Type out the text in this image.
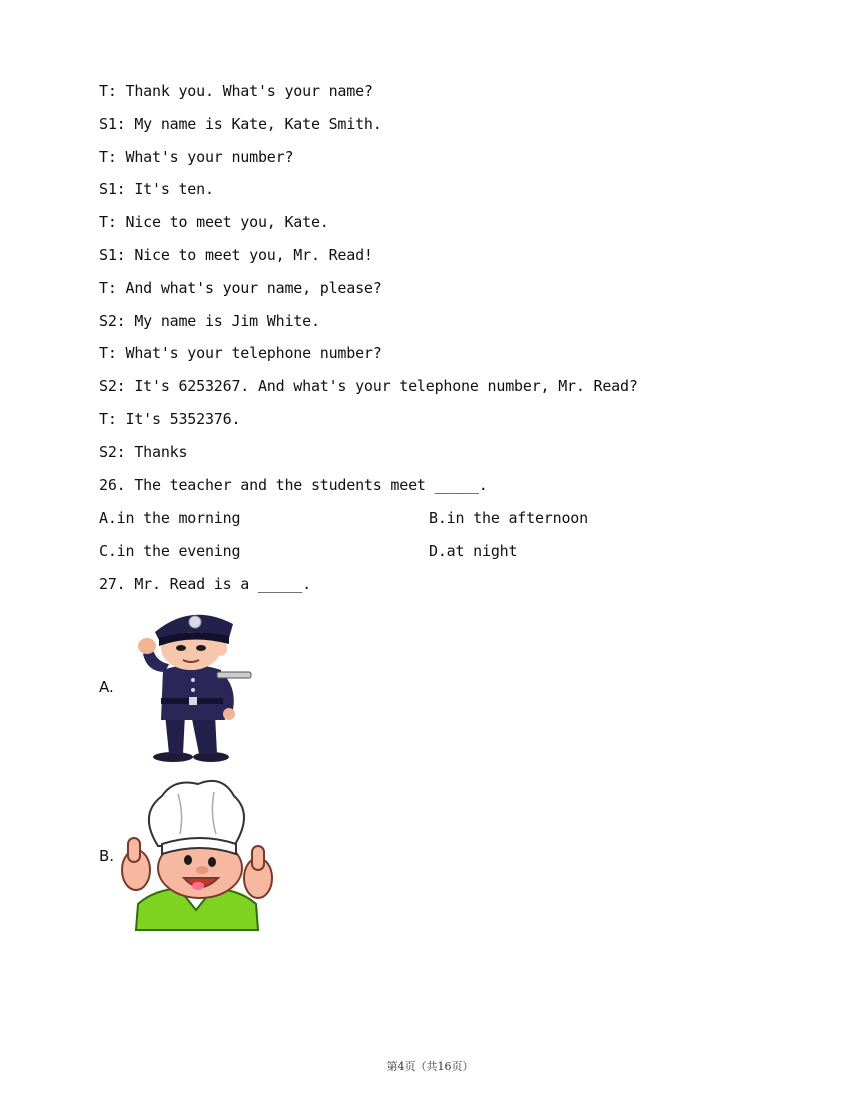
T: Thank you. What's your name?
S1: My name is Kate, Kate Smith.
T: What's your number?
S1: It's ten.
T: Nice to meet you, Kate.
S1: Nice to meet you, Mr. Read!
T: And what's your name, please?
S2: My name is Jim White.
T: What's your telephone number?
S2: It's 6253267. And what's your telephone number, Mr. Read?
T: It's 5352376.
S2: Thanks
26. The teacher and the students meet _____.
A.in the morning	B.in the afternoon
C.in the evening	D.at night
27. Mr. Read is a _____.
A.
B.
第4页（共16页）
